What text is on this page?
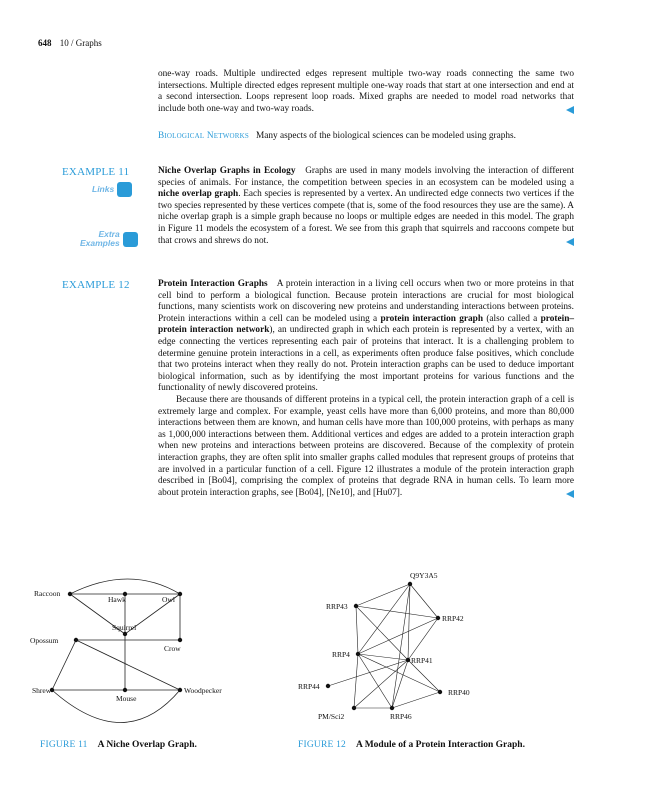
648 10 / Graphs

one-way roads. Multiple undirected edges represent multiple two-way roads connecting the same two intersections. Multiple directed edges represent multiple one-way roads that start at one intersection and end at a second intersection. Loops represent loop roads. Mixed graphs are needed to model road networks that include both one-way and two-way roads.

Biological Networks Many aspects of the biological sciences can be modeled using graphs.

EXAMPLE 11
Links
Extra
Examples

Niche Overlap Graphs in Ecology Graphs are used in many models involving the interaction of different species of animals. For instance, the competition between species in an ecosystem can be modeled using a niche overlap graph. Each species is represented by a vertex. An undirected edge connects two vertices if the two species represented by these vertices compete (that is, some of the food resources they use are the same). A niche overlap graph is a simple graph because no loops or multiple edges are needed in this model. The graph in Figure 11 models the ecosystem of a forest. We see from this graph that squirrels and raccoons compete but that crows and shrews do not.

EXAMPLE 12	Protein Interaction Graphs A protein interaction in a living cell occurs when two or more proteins in that cell bind to perform a biological function. Because protein interactions are crucial for most biological functions, many scientists work on discovering new proteins and understanding interactions between proteins. Protein interactions within a cell can be modeled using a protein interaction graph (also called a protein–protein interaction network), an undirected graph in which each protein is represented by a vertex, with an edge connecting the vertices representing each pair of proteins that interact. It is a challenging problem to determine genuine protein interactions in a cell, as experiments often produce false positives, which conclude that two proteins interact when they really do not. Protein interaction graphs can be used to deduce important biological information, such as by identifying the most important proteins for various functions and the functionality of newly discovered proteins.

Because there are thousands of different proteins in a typical cell, the protein interaction graph of a cell is extremely large and complex. For example, yeast cells have more than 6,000 proteins, and more than 80,000 interactions between them are known, and human cells have more than 100,000 proteins, with perhaps as many as 1,000,000 interactions between them. Additional vertices and edges are added to a protein interaction graph when new proteins and interactions between proteins are discovered. Because of the complexity of protein interaction graphs, they are often split into smaller graphs called modules that represent groups of proteins that are involved in a particular function of a cell. Figure 12 illustrates a module of the protein interaction graph described in [Bo04], comprising the complex of proteins that degrade RNA in human cells. To learn more about protein interaction graphs, see [Bo04], [Ne10], and [Hu07].

Raccoon
Hawk	Owl
Squirrel
Opossum
Crow
Shrew
Mouse
Woodpecker
Q9Y3A5
RRP43
RRP42
RRP4
RRP41
RRP44
RRP40
PM/Sci2	RRP46
FIGURE 11 A Niche Overlap Graph.	FIGURE 12 A Module of a Protein Interaction Graph.
